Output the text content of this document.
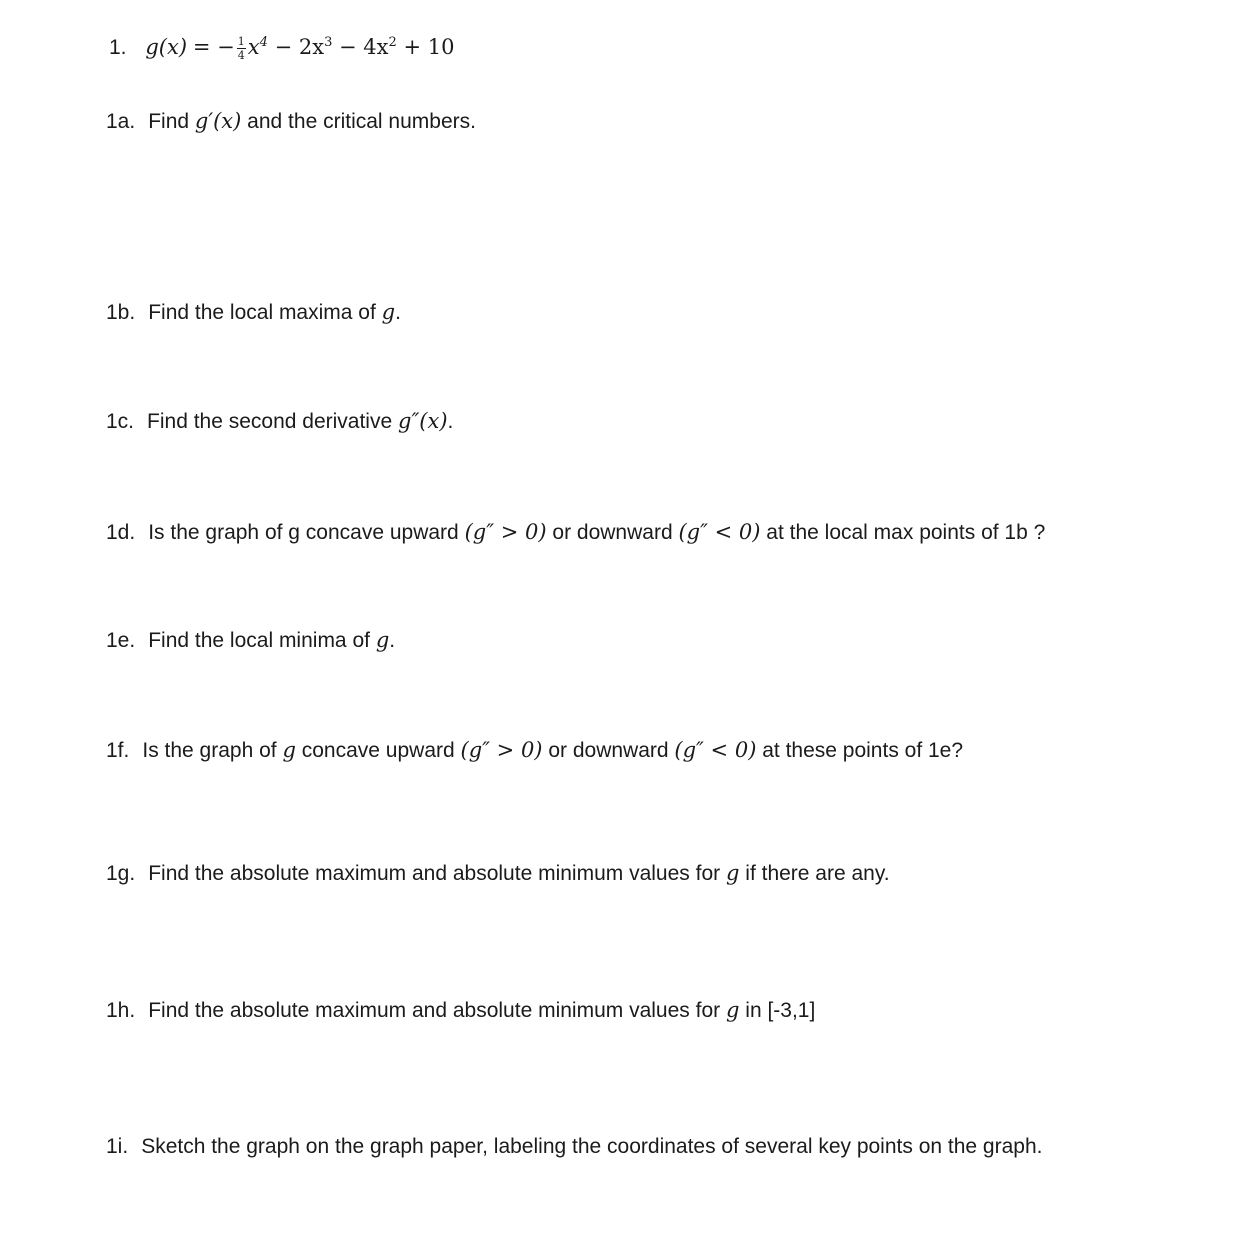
1. g(x) = − $\frac{1}{4} x^4 - 2x^3 - 4x^2 + 10$
1a. Find g′(x) and the critical numbers.
1b. Find the local maxima of g.
1c. Find the second derivative g″(x).
1d. Is the graph of g concave upward (g″ > 0) or downward (g″ < 0) at the local max points of 1b ?
1e. Find the local minima of g.
1f. Is the graph of g concave upward (g″ > 0) or downward (g″ < 0) at these points of 1e?
1g. Find the absolute maximum and absolute minimum values for g if there are any.
1h. Find the absolute maximum and absolute minimum values for g in [-3,1]
1i. Sketch the graph on the graph paper, labeling the coordinates of several key points on the graph.
